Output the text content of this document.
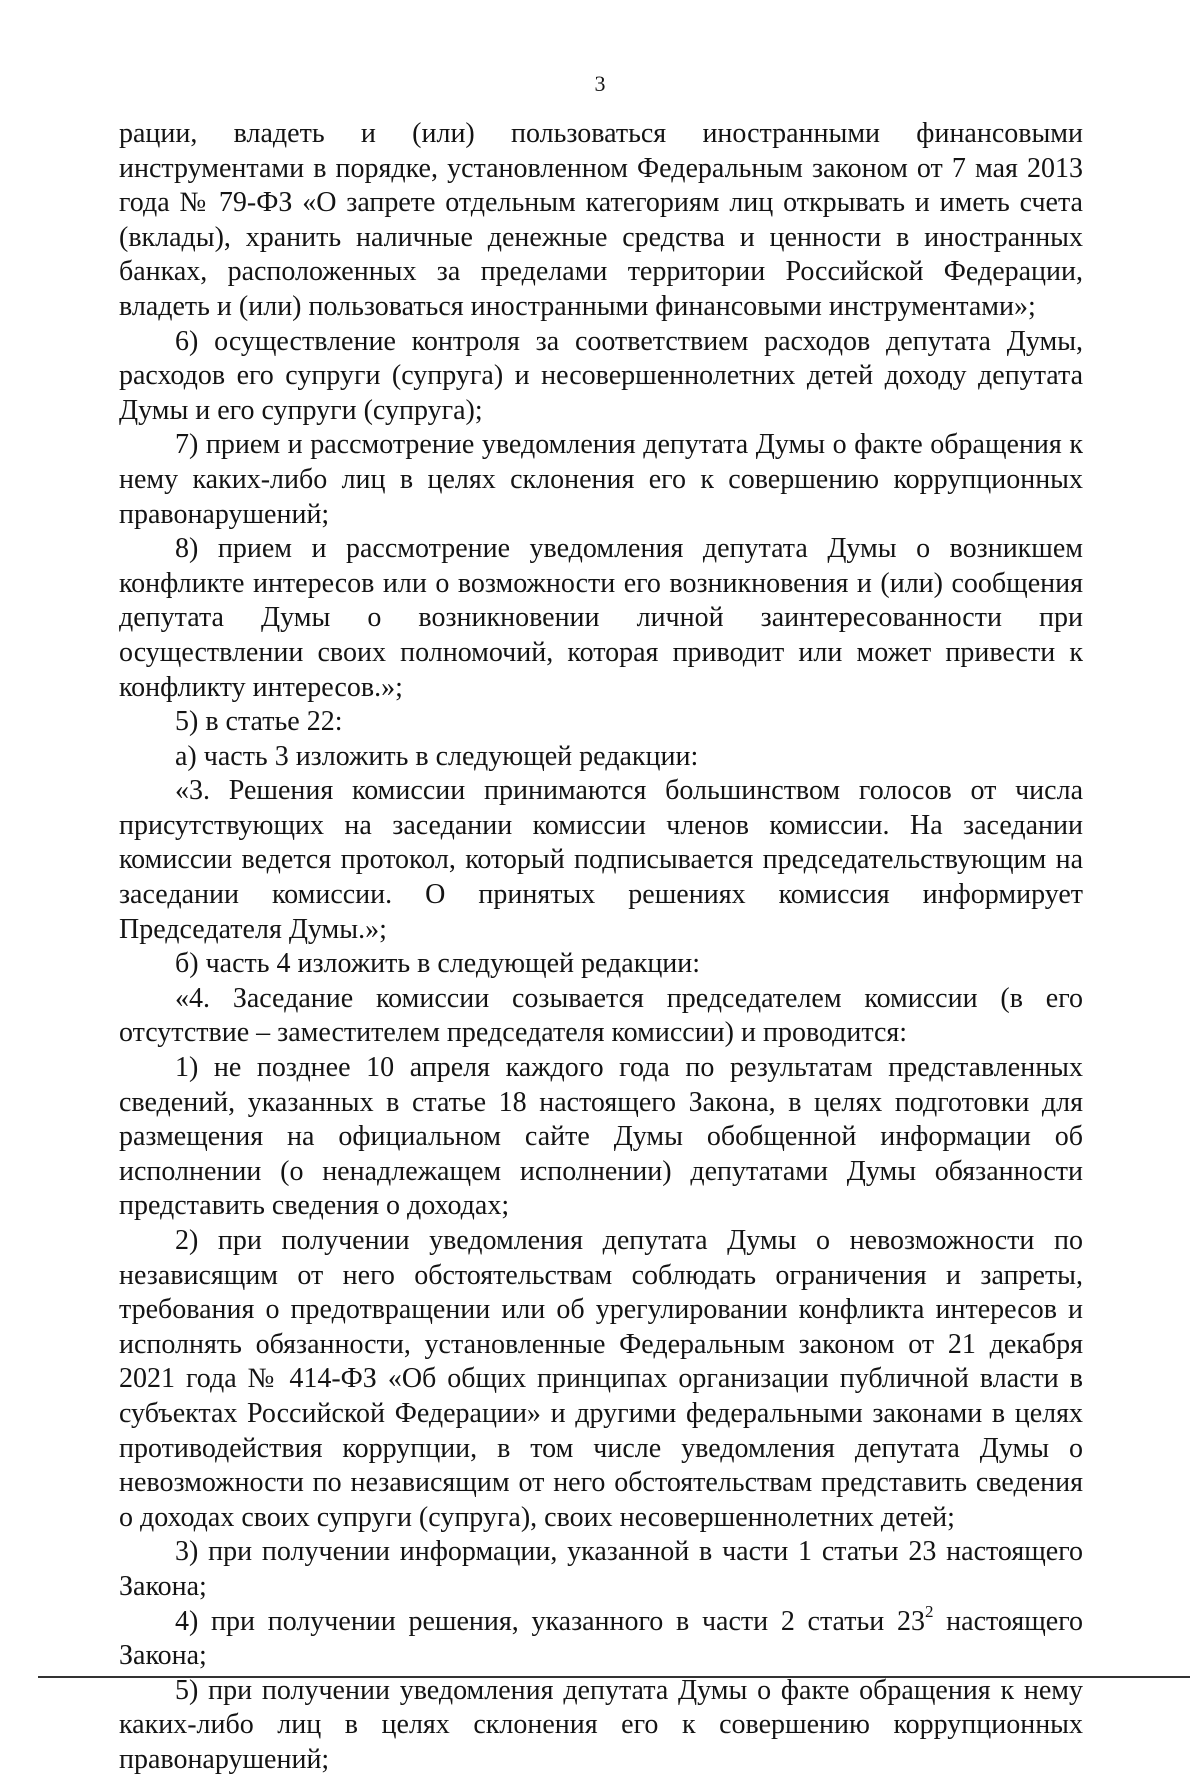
3

рации, владеть и (или) пользоваться иностранными финансовыми инструментами в порядке, установленном Федеральным законом от 7 мая 2013 года № 79-ФЗ «О запрете отдельным категориям лиц открывать и иметь счета (вклады), хранить наличные денежные средства и ценности в иностранных банках, расположенных за пределами территории Российской Федерации, владеть и (или) пользоваться иностранными финансовыми инструментами»;

6) осуществление контроля за соответствием расходов депутата Думы, расходов его супруги (супруга) и несовершеннолетних детей доходу депутата Думы и его супруги (супруга);

7) прием и рассмотрение уведомления депутата Думы о факте обращения к нему каких-либо лиц в целях склонения его к совершению коррупционных правонарушений;

8) прием и рассмотрение уведомления депутата Думы о возникшем конфликте интересов или о возможности его возникновения и (или) сообщения депутата Думы о возникновении личной заинтересованности при осуществлении своих полномочий, которая приводит или может привести к конфликту интересов.»;

5) в статье 22:

а) часть 3 изложить в следующей редакции:

«3. Решения комиссии принимаются большинством голосов от числа присутствующих на заседании комиссии членов комиссии. На заседании комиссии ведется протокол, который подписывается председательствующим на заседании комиссии. О принятых решениях комиссия информирует Председателя Думы.»;

б) часть 4 изложить в следующей редакции:

«4. Заседание комиссии созывается председателем комиссии (в его отсутствие – заместителем председателя комиссии) и проводится:

1) не позднее 10 апреля каждого года по результатам представленных сведений, указанных в статье 18 настоящего Закона, в целях подготовки для размещения на официальном сайте Думы обобщенной информации об исполнении (о ненадлежащем исполнении) депутатами Думы обязанности представить сведения о доходах;

2) при получении уведомления депутата Думы о невозможности по независящим от него обстоятельствам соблюдать ограничения и запреты, требования о предотвращении или об урегулировании конфликта интересов и исполнять обязанности, установленные Федеральным законом от 21 декабря 2021 года № 414-ФЗ «Об общих принципах организации публичной власти в субъектах Российской Федерации» и другими федеральными законами в целях противодействия коррупции, в том числе уведомления депутата Думы о невозможности по независящим от него обстоятельствам представить сведения о доходах своих супруги (супруга), своих несовершеннолетних детей;

3) при получении информации, указанной в части 1 статьи 23 настоящего Закона;

4) при получении решения, указанного в части 2 статьи $23^2$ настоящего Закона;

5) при получении уведомления депутата Думы о факте обращения к нему каких-либо лиц в целях склонения его к совершению коррупционных правонарушений;
